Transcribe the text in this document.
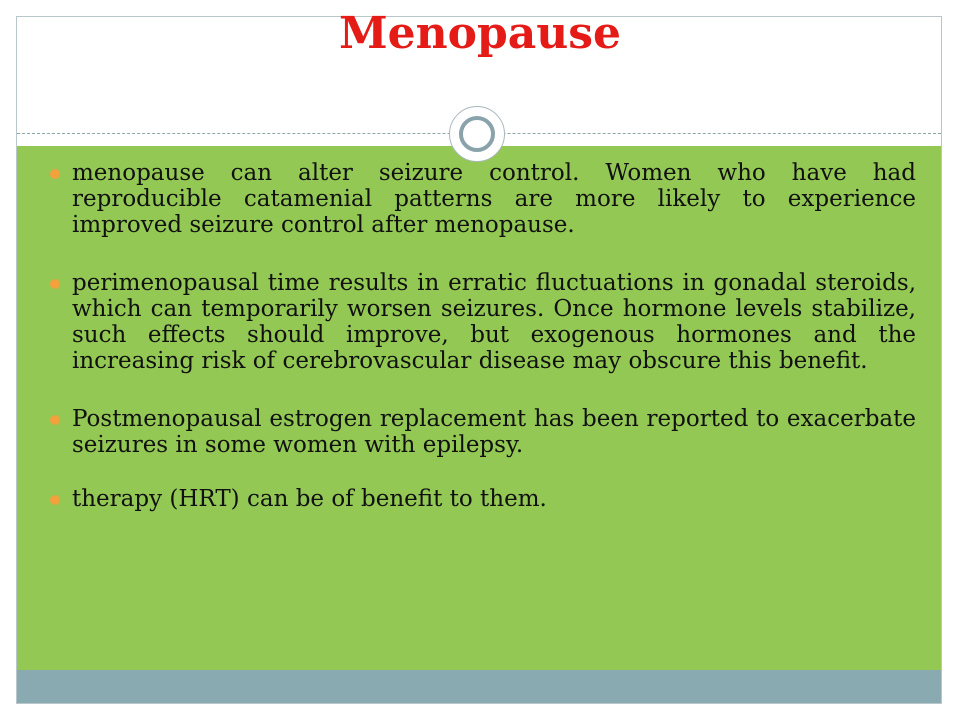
Menopause
menopause can alter seizure control. Women who have had reproducible catamenial patterns are more likely to experience improved seizure control after menopause.
perimenopausal time results in erratic fluctuations in gonadal steroids, which can temporarily worsen seizures. Once hormone levels stabilize, such effects should improve, but exogenous hormones and the increasing risk of cerebrovascular disease may obscure this benefit.
Postmenopausal estrogen replacement has been reported to exacerbate seizures in some women with epilepsy.
therapy (HRT) can be of benefit to them.
